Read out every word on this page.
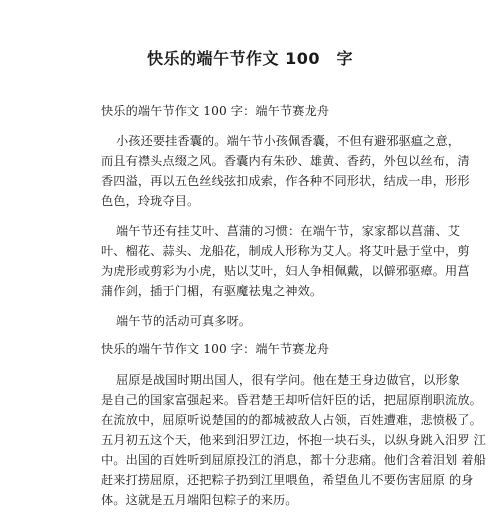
快乐的端午节作文 100　字
快乐的端午节作文 100 字：端午节赛龙舟
小孩还要挂香囊的。端午节小孩佩香囊，不但有避邪驱瘟之意，
而且有襟头点缀之风。香囊内有朱砂、雄黄、香药，外包以丝布，清
香四溢，再以五色丝线弦扣成索，作各种不同形状，结成一串，形形
色色，玲珑夺目。
端午节还有挂艾叶、菖蒲的习惯：在端午节，家家都以菖蒲、艾
叶、榴花、蒜头、龙船花，制成人形称为艾人。将艾叶悬于堂中，剪
为虎形或剪彩为小虎，贴以艾叶，妇人争相佩戴，以僻邪驱瘴。用菖
蒲作剑，插于门楣，有驱魔祛鬼之神效。
端午节的活动可真多呀。
快乐的端午节作文 100 字：端午节赛龙舟
屈原是战国时期出国人，很有学问。他在楚王身边做官，以形象
是自己的国家富强起来。昏君楚王却听信奸臣的话，把屈原削职流放。
在流放中，屈原听说楚国的的都城被敌人占领，百姓遭难，悲愤极了。
五月初五这个天，他来到汨罗江边，怀抱一块石头，以纵身跳入汨罗 江
中。出国的百姓听到屈原投江的消息，都十分悲痛。他们含着泪划 着船
赶来打捞屈原，还把粽子扔到江里喂鱼，希望鱼儿不要伤害屈原 的身
体。这就是五月端阳包粽子的来历。
